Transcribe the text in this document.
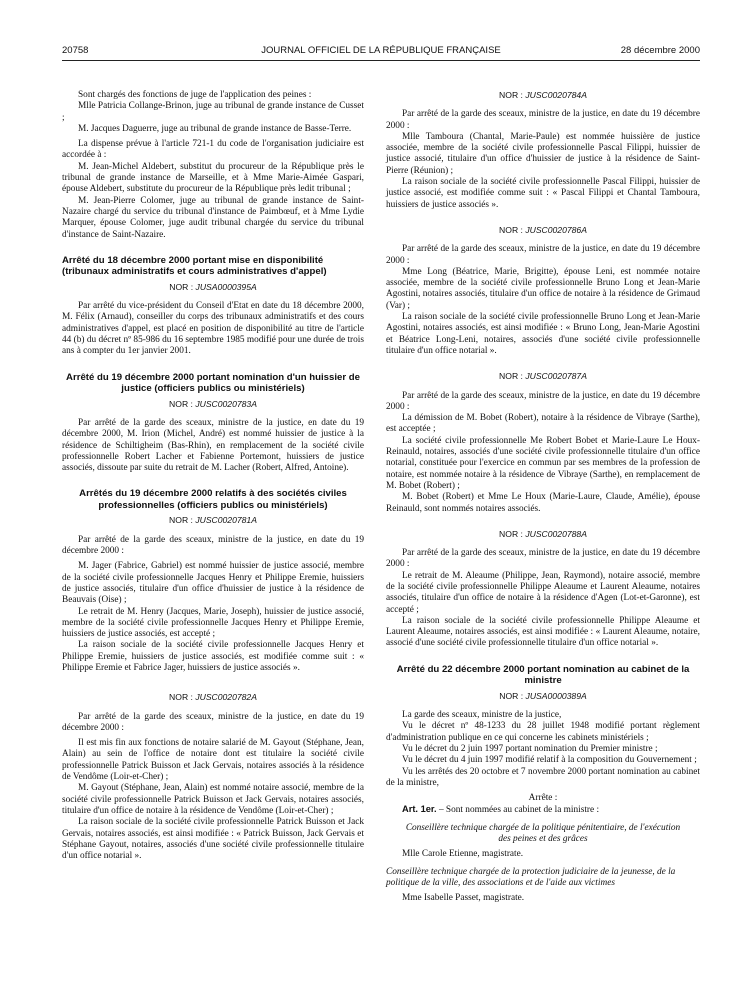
20758	JOURNAL OFFICIEL DE LA RÉPUBLIQUE FRANÇAISE	28 décembre 2000

Sont chargés des fonctions de juge de l'application des peines :

Mlle Patricia Collange-Brinon, juge au tribunal de grande instance de Cusset ;

M. Jacques Daguerre, juge au tribunal de grande instance de Basse-Terre.

La dispense prévue à l'article 721-1 du code de l'organisation judiciaire est accordée à :

M. Jean-Michel Aldebert, substitut du procureur de la République près le tribunal de grande instance de Marseille, et à Mme Marie-Aimée Gaspari, épouse Aldebert, substitute du procureur de la République près ledit tribunal ;

M. Jean-Pierre Colomer, juge au tribunal de grande instance de Saint-Nazaire chargé du service du tribunal d'instance de Paimbœuf, et à Mme Lydie Marquer, épouse Colomer, juge audit tribunal chargée du service du tribunal d'instance de Saint-Nazaire.

Arrêté du 18 décembre 2000 portant mise en disponibilité (tribunaux administratifs et cours administratives d'appel)
NOR : JUSA0000395A

Par arrêté du vice-président du Conseil d'Etat en date du 18 décembre 2000, M. Félix (Arnaud), conseiller du corps des tribunaux administratifs et des cours administratives d'appel, est placé en position de disponibilité au titre de l'article 44 (b) du décret nº 85-986 du 16 septembre 1985 modifié pour une durée de trois ans à compter du 1er janvier 2001.

Arrêté du 19 décembre 2000 portant nomination d'un huissier de justice (officiers publics ou ministériels)
NOR : JUSC0020783A

Par arrêté de la garde des sceaux, ministre de la justice, en date du 19 décembre 2000, M. Irion (Michel, André) est nommé huissier de justice à la résidence de Schiltigheim (Bas-Rhin), en remplacement de la société civile professionnelle Robert Lacher et Fabienne Portemont, huissiers de justice associés, dissoute par suite du retrait de M. Lacher (Robert, Alfred, Antoine).

Arrêtés du 19 décembre 2000 relatifs à des sociétés civiles professionnelles (officiers publics ou ministériels)
NOR : JUSC0020781A

Par arrêté de la garde des sceaux, ministre de la justice, en date du 19 décembre 2000 :

M. Jager (Fabrice, Gabriel) est nommé huissier de justice associé, membre de la société civile professionnelle Jacques Henry et Philippe Eremie, huissiers de justice associés, titulaire d'un office d'huissier de justice à la résidence de Beauvais (Oise) ;

Le retrait de M. Henry (Jacques, Marie, Joseph), huissier de justice associé, membre de la société civile professionnelle Jacques Henry et Philippe Eremie, huissiers de justice associés, est accepté ;

La raison sociale de la société civile professionnelle Jacques Henry et Philippe Eremie, huissiers de justice associés, est modifiée comme suit : « Philippe Eremie et Fabrice Jager, huissiers de justice associés ».

NOR : JUSC0020782A

Par arrêté de la garde des sceaux, ministre de la justice, en date du 19 décembre 2000 :

Il est mis fin aux fonctions de notaire salarié de M. Gayout (Stéphane, Jean, Alain) au sein de l'office de notaire dont est titulaire la société civile professionnelle Patrick Buisson et Jack Gervais, notaires associés à la résidence de Vendôme (Loir-et-Cher) ;

M. Gayout (Stéphane, Jean, Alain) est nommé notaire associé, membre de la société civile professionnelle Patrick Buisson et Jack Gervais, notaires associés, titulaire d'un office de notaire à la résidence de Vendôme (Loir-et-Cher) ;

La raison sociale de la société civile professionnelle Patrick Buisson et Jack Gervais, notaires associés, est ainsi modifiée : « Patrick Buisson, Jack Gervais et Stéphane Gayout, notaires, associés d'une société civile professionnelle titulaire d'un office notarial ».

NOR : JUSC0020784A

Par arrêté de la garde des sceaux, ministre de la justice, en date du 19 décembre 2000 :

Mlle Tamboura (Chantal, Marie-Paule) est nommée huissière de justice associée, membre de la société civile professionnelle Pascal Filippi, huissier de justice associé, titulaire d'un office d'huissier de justice à la résidence de Saint-Pierre (Réunion) ;

La raison sociale de la société civile professionnelle Pascal Filippi, huissier de justice associé, est modifiée comme suit : « Pascal Filippi et Chantal Tamboura, huissiers de justice associés ».

NOR : JUSC0020786A

Par arrêté de la garde des sceaux, ministre de la justice, en date du 19 décembre 2000 :

Mme Long (Béatrice, Marie, Brigitte), épouse Leni, est nommée notaire associée, membre de la société civile professionnelle Bruno Long et Jean-Marie Agostini, notaires associés, titulaire d'un office de notaire à la résidence de Grimaud (Var) ;

La raison sociale de la société civile professionnelle Bruno Long et Jean-Marie Agostini, notaires associés, est ainsi modifiée : « Bruno Long, Jean-Marie Agostini et Béatrice Long-Leni, notaires, associés d'une société civile professionnelle titulaire d'un office notarial ».

NOR : JUSC0020787A

Par arrêté de la garde des sceaux, ministre de la justice, en date du 19 décembre 2000 :

La démission de M. Bobet (Robert), notaire à la résidence de Vibraye (Sarthe), est acceptée ;

La société civile professionnelle Me Robert Bobet et Marie-Laure Le Houx-Reinauld, notaires, associés d'une société civile professionnelle titulaire d'un office notarial, constituée pour l'exercice en commun par ses membres de la profession de notaire, est nommée notaire à la résidence de Vibraye (Sarthe), en remplacement de M. Bobet (Robert) ;

M. Bobet (Robert) et Mme Le Houx (Marie-Laure, Claude, Amélie), épouse Reinauld, sont nommés notaires associés.

NOR : JUSC0020788A

Par arrêté de la garde des sceaux, ministre de la justice, en date du 19 décembre 2000 :

Le retrait de M. Aleaume (Philippe, Jean, Raymond), notaire associé, membre de la société civile professionnelle Philippe Aleaume et Laurent Aleaume, notaires associés, titulaire d'un office de notaire à la résidence d'Agen (Lot-et-Garonne), est accepté ;

La raison sociale de la société civile professionnelle Philippe Aleaume et Laurent Aleaume, notaires associés, est ainsi modifiée : « Laurent Aleaume, notaire, associé d'une société civile professionnelle titulaire d'un office notarial ».

Arrêté du 22 décembre 2000 portant nomination au cabinet de la ministre
NOR : JUSA0000389A

La garde des sceaux, ministre de la justice,

Vu le décret nº 48-1233 du 28 juillet 1948 modifié portant règlement d'administration publique en ce qui concerne les cabinets ministériels ;

Vu le décret du 2 juin 1997 portant nomination du Premier ministre ;

Vu le décret du 4 juin 1997 modifié relatif à la composition du Gouvernement ;

Vu les arrêtés des 20 octobre et 7 novembre 2000 portant nomination au cabinet de la ministre,

Arrête :

Art. 1er. – Sont nommées au cabinet de la ministre :

Conseillère technique chargée de la politique pénitentiaire, de l'exécution des peines et des grâces

Mlle Carole Etienne, magistrate.

Conseillère technique chargée de la protection judiciaire de la jeunesse, de la politique de la ville, des associations et de l'aide aux victimes

Mme Isabelle Passet, magistrate.
